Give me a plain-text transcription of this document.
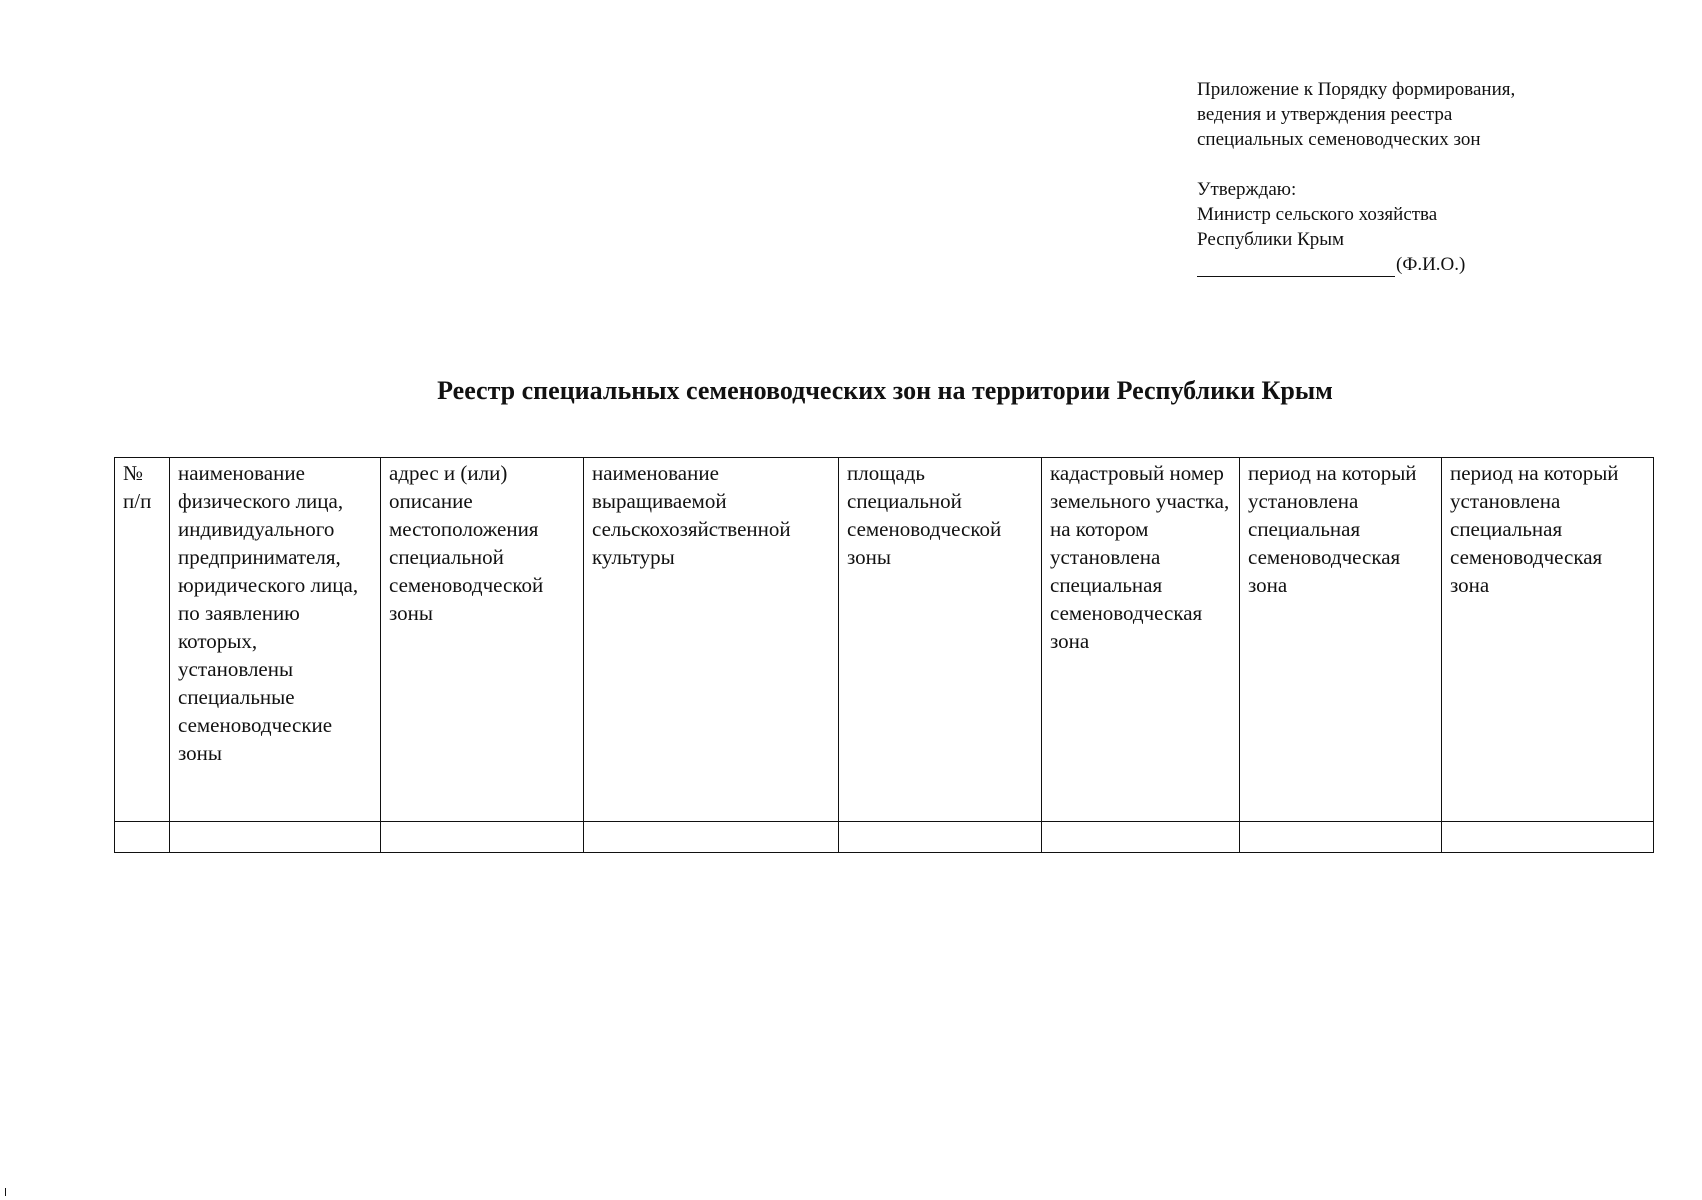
Приложение к Порядку формирования,
ведения и утверждения реестра
специальных семеноводческих зон
Утверждаю:
Министр сельского хозяйства
Республики Крым
(Ф.И.О.)
Реестр специальных семеноводческих зон на территории Республики Крым
№ п/п	наименование физического лица, индивидуального предпринимателя, юридического лица, по заявлению которых, установлены специальные семеноводческие зоны	адрес и (или) описание местоположения специальной семеноводческой зоны	наименование выращиваемой сельскохозяйственной культуры	площадь специальной семеноводческой зоны	кадастровый номер земельного участка, на котором установлена специальная семеноводческая зона	период на который установлена специальная семеноводческая зона	период на который установлена специальная семеноводческая зона
